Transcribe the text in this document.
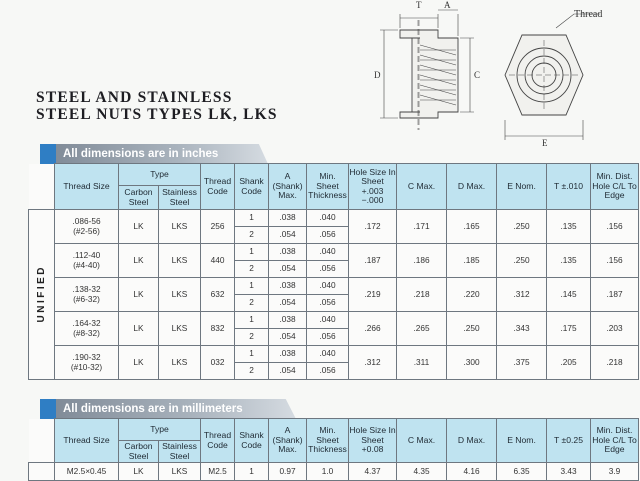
STEEL AND STAINLESS
STEEL NUTS TYPES LK, LKS
T	A
D	C
E
Thread
All dimensions are in inches
	Thread Size	Type		Thread Code	Shank Code	A (Shank) Max.	Min. Sheet Thickness	Hole Size In Sheet
+.003
−.000	C Max.	D Max.	E Nom.	T ±.010	Min. Dist. Hole C/L To Edge
		Carbon Steel	Stainless Steel										
UNIFIED	.086-56
(#2-56)	LK	LKS	256	1	.038	.040	.172	.171	.165	.250	.135	.156
					2	.054	.056						

	.112-40
(#4-40)	LK	LKS	440	1	.038	.040	.187	.186	.185	.250	.135	.156
					2	.054	.056						

	.138-32
(#6-32)	LK	LKS	632	1	.038	.040	.219	.218	.220	.312	.145	.187
					2	.054	.056						

	.164-32
(#8-32)	LK	LKS	832	1	.038	.040	.266	.265	.250	.343	.175	.203
					2	.054	.056						

	.190-32
(#10-32)	LK	LKS	032	1	.038	.040	.312	.311	.300	.375	.205	.218
					2	.054	.056						
All dimensions are in millimeters
	Thread Size	Type		Thread Code	Shank Code	A (Shank) Max.	Min. Sheet Thickness	Hole Size In Sheet
+0.08	C Max.	D Max.	E Nom.	T ±0.25	Min. Dist. Hole C/L To Edge
		Carbon Steel	Stainless Steel										
	M2.5×0.45	LK	LKS	M2.5	1	0.97	1.0	4.37	4.35	4.16	6.35	3.43	3.9
